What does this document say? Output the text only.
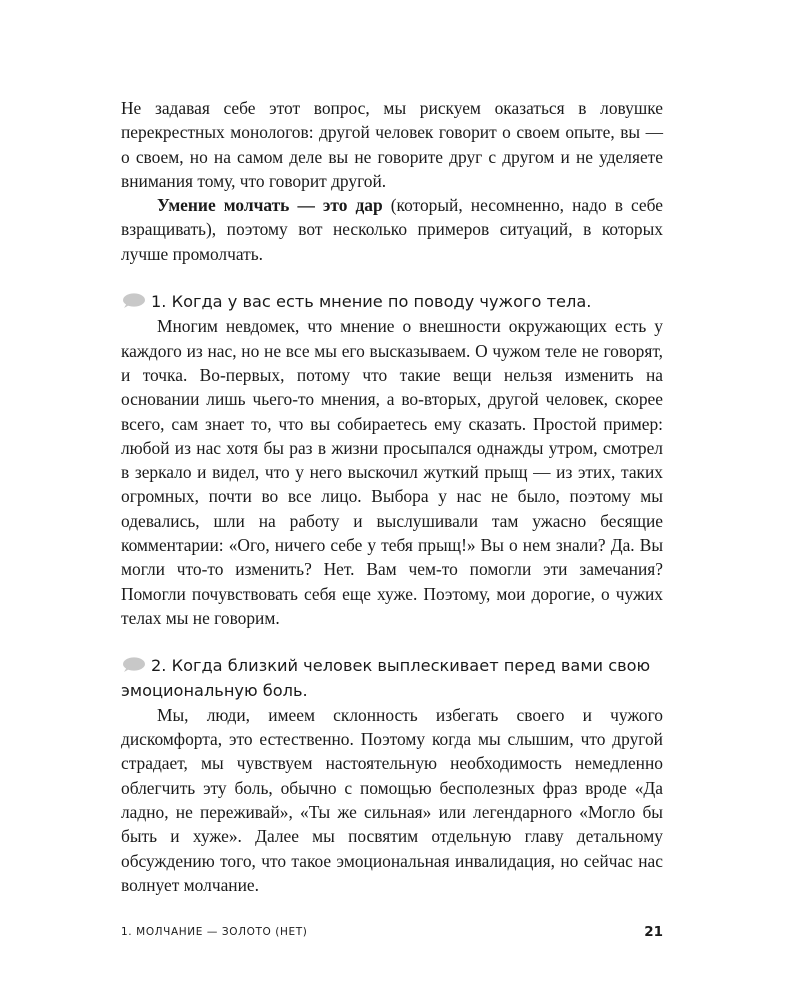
Не задавая себе этот вопрос, мы рискуем оказаться в ловушке перекрестных монологов: другой человек говорит о своем опыте, вы — о своем, но на самом деле вы не говорите друг с другом и не уделяете внимания тому, что говорит другой.

Умение молчать — это дар (который, несомненно, надо в себе взращивать), поэтому вот несколько примеров ситуаций, в которых лучше промолчать.

1. Когда у вас есть мнение по поводу чужого тела.

Многим невдомек, что мнение о внешности окружающих есть у каждого из нас, но не все мы его высказываем. О чужом теле не говорят, и точка. Во-первых, потому что такие вещи нельзя изменить на основании лишь чьего-то мнения, а во-вторых, другой человек, скорее всего, сам знает то, что вы собираетесь ему сказать. Простой пример: любой из нас хотя бы раз в жизни просыпался однажды утром, смотрел в зеркало и видел, что у него выскочил жуткий прыщ — из этих, таких огромных, почти во все лицо. Выбора у нас не было, поэтому мы одевались, шли на работу и выслушивали там ужасно бесящие комментарии: «Ого, ничего себе у тебя прыщ!» Вы о нем знали? Да. Вы могли что-то изменить? Нет. Вам чем-то помогли эти замечания? Помогли почувствовать себя еще хуже. Поэтому, мои дорогие, о чужих телах мы не говорим.

2. Когда близкий человек выплескивает перед вами свою эмоциональную боль.

Мы, люди, имеем склонность избегать своего и чужого дискомфорта, это естественно. Поэтому когда мы слышим, что другой страдает, мы чувствуем настоятельную необходимость немедленно облегчить эту боль, обычно с помощью бесполезных фраз вроде «Да ладно, не переживай», «Ты же сильная» или легендарного «Могло бы быть и хуже». Далее мы посвятим отдельную главу детальному обсуждению того, что такое эмоциональная инвалидация, но сейчас нас волнует молчание.

1. МОЛЧАНИЕ — ЗОЛОТО (НЕТ)	21
